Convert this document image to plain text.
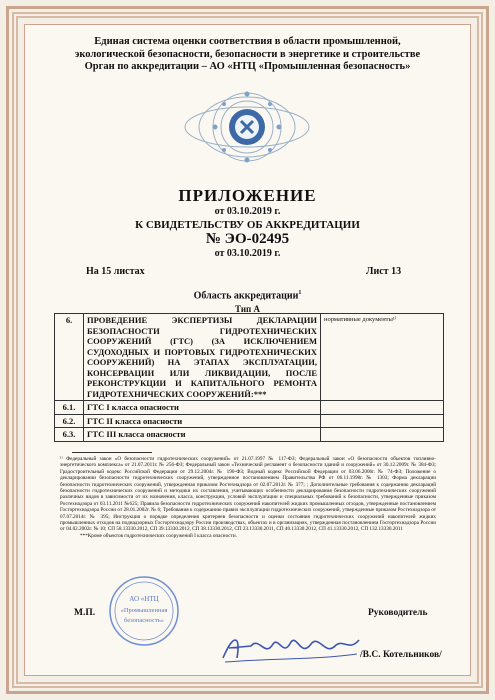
Единая система оценки соответствия в области промышленной,
экологической безопасности, безопасности в энергетике и строительстве
Орган по аккредитации – АО «НТЦ «Промышленная безопасность»
ПРИЛОЖЕНИЕ
от 03.10.2019 г.
К СВИДЕТЕЛЬСТВУ ОБ АККРЕДИТАЦИИ
№ ЭО-02495
от 03.10.2019 г.
На 15 листах	Лист 13
Область аккредитации$^1$
Тип А
6.	ПРОВЕДЕНИЕ ЭКСПЕРТИЗЫ ДЕКЛАРАЦИИ БЕЗОПАСНОСТИ ГИДРОТЕХНИЧЕСКИХ СООРУЖЕНИЙ (ГТС) (ЗА ИСКЛЮЧЕНИЕМ СУДОХОДНЫХ И ПОРТОВЫХ ГИДРОТЕХНИЧЕСКИХ СООРУЖЕНИЙ) НА ЭТАПАХ ЭКСПЛУАТАЦИИ, КОНСЕРВАЦИИ ИЛИ ЛИКВИДАЦИИ, ПОСЛЕ РЕКОНСТРУКЦИИ И КАПИТАЛЬНОГО РЕМОНТА ГИДРОТЕХНИЧЕСКИХ СООРУЖЕНИЙ:***	нормативные документы¹⁾
6.1.	ГТС I класса опасности	
6.2.	ГТС II класса опасности	
6.3.	ГТС III класса опасности	
¹⁾ Федеральный закон «О безопасности гидротехнических сооружений» от 21.07.1997 № 117-ФЗ; Федеральный закон «О безопасности объектов топливно-энергетического комплекса» от 21.07.2011г. № 256-ФЗ; Федеральный закон «Технический регламент о безопасности зданий и сооружений» от 30.12.2009г. № 384-ФЗ; Градостроительный кодекс Российской Федерации от 29.12.2004г. № 190-ФЗ; Водный кодекс Российской Федерации от 03.06.2006г. № 74-ФЗ; Положение о декларировании безопасности гидротехнических сооружений, утвержденное постановлением Правительства РФ от 06.11.1998г. № 1303; Форма декларации безопасности гидротехнических сооружений, утвержденная приказом Ростехнадзора от 02.07.2012г. № 377; ; Дополнительные требования к содержанию деклараций безопасности гидротехнических сооружений и методики их составления, учитывающих особенности декларирования безопасности гидротехнических сооружений различных видов в зависимости от их назначения, класса, конструкции, условий эксплуатации и специальных требований к безопасности, утвержденные приказом Ростехнадзора от 03.11.2011 №625; Правила безопасности гидротехнических сооружений накопителей жидких промышленных отходов, утвержденные постановлением Госгортехнадзора России от 28.01.2002г. № 6; Требования к содержанию правил эксплуатации гидротехнических сооружений, утвержденные приказом Ростехнадзора от 07.07.2014г. № 395; Инструкция о порядке определения критериев безопасности и оценки состояния гидротехнических сооружений накопителей жидких промышленных отходов на поднадзорных Госгортехнадзору России производствах, объектах и в организациях, утвержденная постановлением Госгортехнадзора России от 04.02.2002г. № 10; СП 58.13330.2012, СП 39.13330.2012, СП 38.13330.2012, СП 23.13330.2011, СП 40.13330.2012, СП 41.13330.2012, СП 132.13330.2011
***Кроме объектов гидротехнических сооружений I класса опасности.
АО «НТЦ
«Промышленная
безопасность»
М.П.	Руководитель
/В.С. Котельников/
